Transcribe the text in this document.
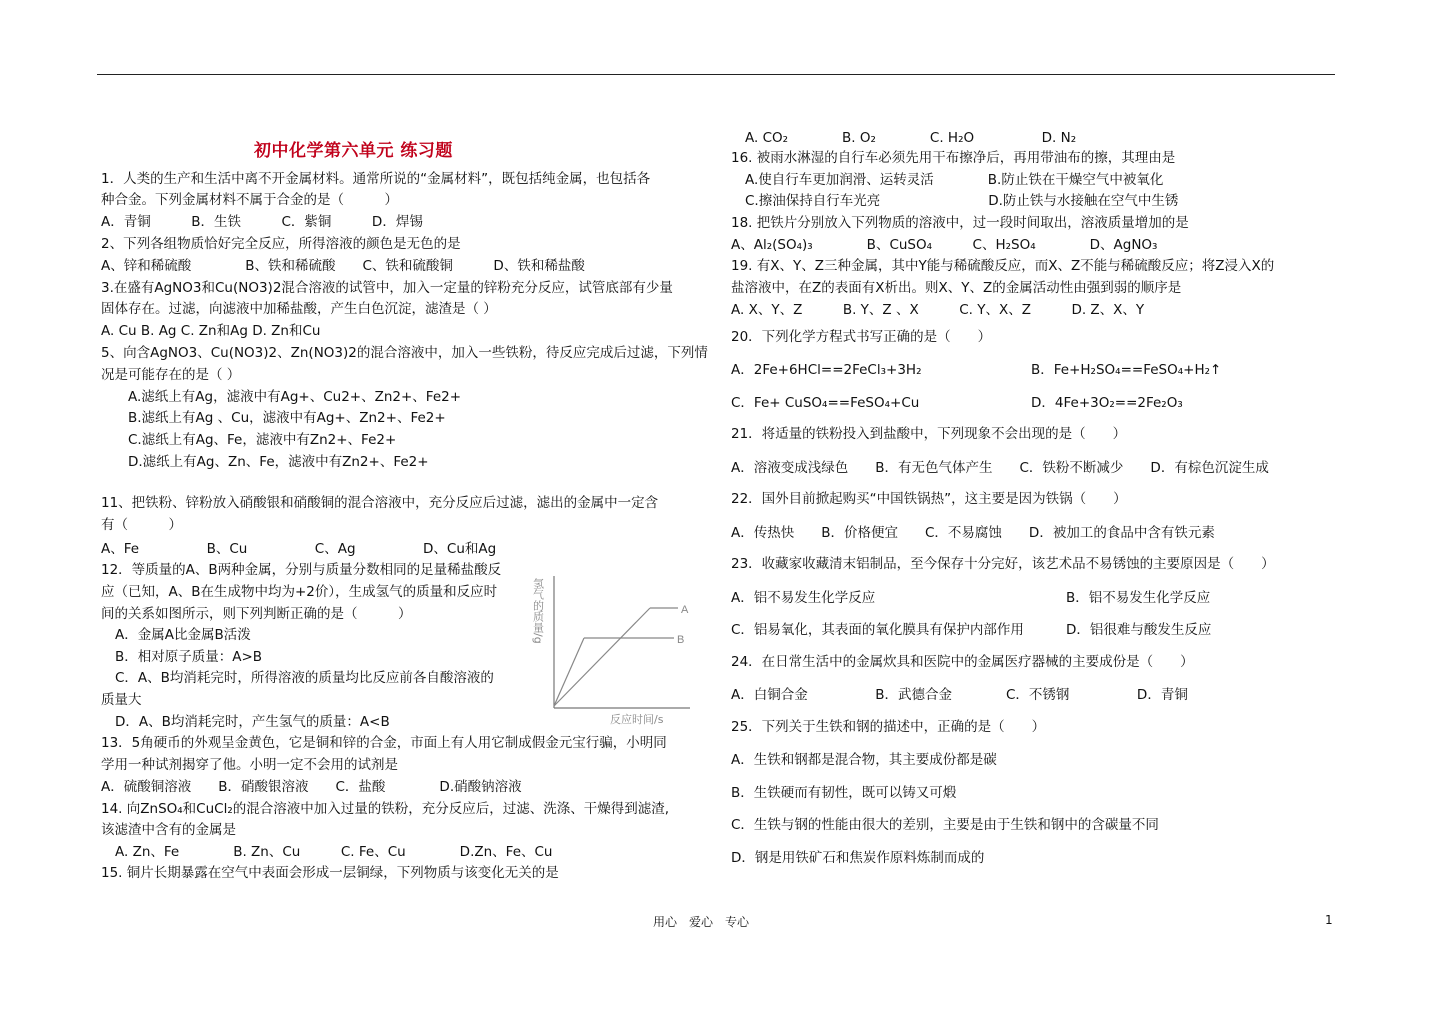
初中化学第六单元 练习题
1．人类的生产和生活中离不开金属材料。通常所说的“金属材料”，既包括纯金属，也包括各
种合金。下列金属材料不属于合金的是（　　　）
A．青铜　　　B．生铁　　　C．紫铜　　　D．焊锡
2、下列各组物质恰好完全反应，所得溶液的颜色是无色的是
A、锌和稀硫酸　　　　B、铁和稀硫酸　　C、铁和硫酸铜　　　D、铁和稀盐酸
3.在盛有AgNO3和Cu(NO3)2混合溶液的试管中，加入一定量的锌粉充分反应，试管底部有少量
固体存在。过滤，向滤液中加稀盐酸，产生白色沉淀，滤渣是（ ）
A. Cu B. Ag C. Zn和Ag D. Zn和Cu
5、向含AgNO3、Cu(NO3)2、Zn(NO3)2的混合溶液中，加入一些铁粉，待反应完成后过滤，下列情
况是可能存在的是（ ）
A.滤纸上有Ag，滤液中有Ag+、Cu2+、Zn2+、Fe2+
B.滤纸上有Ag 、Cu，滤液中有Ag+、Zn2+、Fe2+
C.滤纸上有Ag、Fe，滤液中有Zn2+、Fe2+
D.滤纸上有Ag、Zn、Fe，滤液中有Zn2+、Fe2+
11、把铁粉、锌粉放入硝酸银和硝酸铜的混合溶液中，充分反应后过滤，滤出的金属中一定含
有（　　　）
A、Fe　　　　　B、Cu　　　　　C、Ag　　　　　D、Cu和Ag
12．等质量的A、B两种金属，分别与质量分数相同的足量稀盐酸反
应（已知，A、B在生成物中均为+2价），生成氢气的质量和反应时
间的关系如图所示，则下列判断正确的是（　　　）
A．金属A比金属B活泼
B．相对原子质量：A>B
C．A、B均消耗完时，所得溶液的质量均比反应前各自酸溶液的
质量大
D．A、B均消耗完时，产生氢气的质量：A<B
13．5角硬币的外观呈金黄色，它是铜和锌的合金，市面上有人用它制成假金元宝行骗，小明同
学用一种试剂揭穿了他。小明一定不会用的试剂是
A．硫酸铜溶液　　B．硝酸银溶液　　C．盐酸　　　　D.硝酸钠溶液
14. 向ZnSO₄和CuCl₂的混合溶液中加入过量的铁粉，充分反应后，过滤、洗涤、干燥得到滤渣,
该滤渣中含有的金属是
A. Zn、Fe　　　　B. Zn、Cu　　　C. Fe、Cu　　　　D.Zn、Fe、Cu
15. 铜片长期暴露在空气中表面会形成一层铜绿，下列物质与该变化无关的是
A. CO₂　　　　B. O₂　　　　C. H₂O　　　　　D. N₂
16. 被雨水淋湿的自行车必须先用干布擦净后，再用带油布的擦，其理由是
A.使自行车更加润滑、运转灵活　　　　B.防止铁在干燥空气中被氧化
C.擦油保持自行车光亮　　　　　　　　D.防止铁与水接触在空气中生锈
18. 把铁片分别放入下列物质的溶液中，过一段时间取出，溶液质量增加的是
A、Al₂(SO₄)₃　　　　B、CuSO₄　　　C、H₂SO₄　　　　D、AgNO₃
19. 有X、Y、Z三种金属，其中Y能与稀硫酸反应，而X、Z不能与稀硫酸反应；将Z浸入X的
盐溶液中，在Z的表面有X析出。则X、Y、Z的金属活动性由强到弱的顺序是
A. X、Y、Z　　　B. Y、Z 、X　　　C. Y、X、Z　　　D. Z、X、Y
20．下列化学方程式书写正确的是（　　）
A．2Fe+6HCl==2FeCl₃+3H₂	B．Fe+H₂SO₄==FeSO₄+H₂↑
C．Fe+ CuSO₄==FeSO₄+Cu	D．4Fe+3O₂==2Fe₂O₃
21．将适量的铁粉投入到盐酸中，下列现象不会出现的是（　　）
A．溶液变成浅绿色　　B．有无色气体产生　　C．铁粉不断减少　　D．有棕色沉淀生成
22．国外目前掀起购买“中国铁锅热”，这主要是因为铁锅（　　）
A．传热快　　B．价格便宜　　C．不易腐蚀　　D．被加工的食品中含有铁元素
23．收藏家收藏清末铝制品，至今保存十分完好，该艺术品不易锈蚀的主要原因是（　　）
A．铝不易发生化学反应	B．铝不易发生化学反应
C．铝易氧化，其表面的氧化膜具有保护内部作用	D．铝很难与酸发生反应
24．在日常生活中的金属炊具和医院中的金属医疗器械的主要成份是（　　）
A．白铜合金　　　　　B．武德合金　　　　C．不锈钢　　　　　D．青铜
25．下列关于生铁和钢的描述中，正确的是（　　）
A．生铁和钢都是混合物，其主要成份都是碳
B．生铁硬而有韧性，既可以铸又可煅
C．生铁与钢的性能由很大的差别，主要是由于生铁和钢中的含碳量不同
D．钢是用铁矿石和焦炭作原料炼制而成的
A
B
氢气的质量/g
反应时间/s
用心　爱心　专心	1
